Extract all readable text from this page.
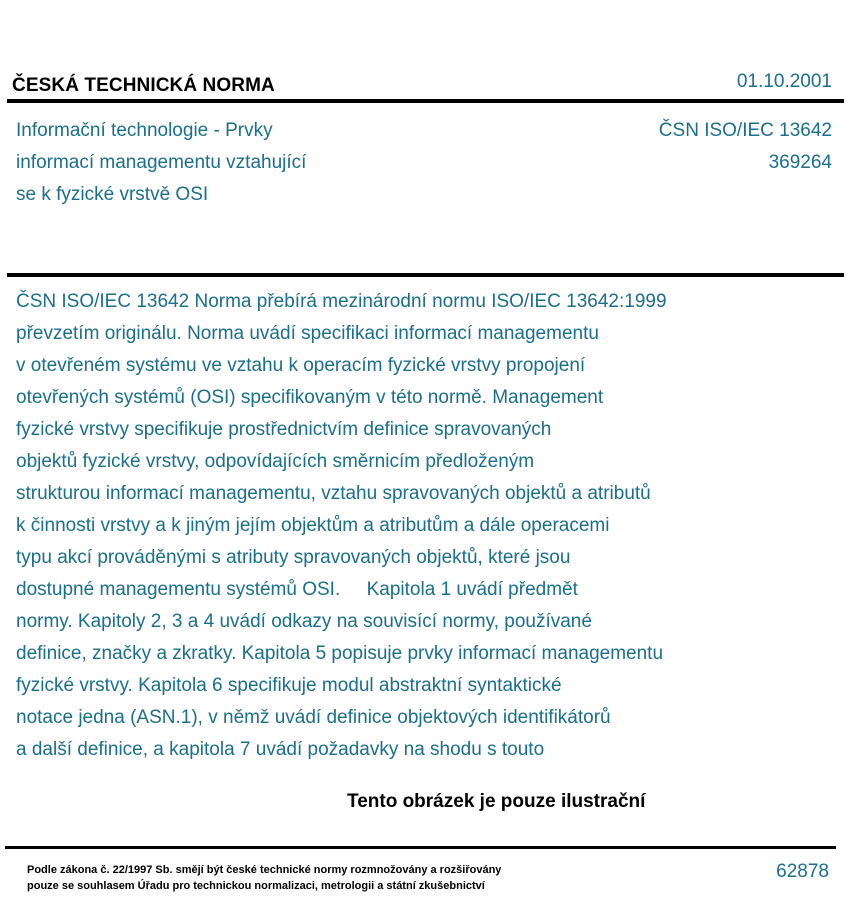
ČESKÁ TECHNICKÁ NORMA	01.10.2001
Informační technologie - Prvky
informací managementu vztahující
se k fyzické vrstvě OSI
ČSN ISO/IEC 13642
369264
ČSN ISO/IEC 13642 Norma přebírá mezinárodní normu ISO/IEC 13642:1999
převzetím originálu. Norma uvádí specifikaci informací managementu
v otevřeném systému ve vztahu k operacím fyzické vrstvy propojení
otevřených systémů (OSI) specifikovaným v této normě. Management
fyzické vrstvy specifikuje prostřednictvím definice spravovaných
objektů fyzické vrstvy, odpovídajících směrnicím předloženým
strukturou informací managementu, vztahu spravovaných objektů a atributů
k činnosti vrstvy a k jiným jejím objektům a atributům a dále operacemi
typu akcí prováděnými s atributy spravovaných objektů, které jsou
dostupné managementu systémů OSI.     Kapitola 1 uvádí předmět
normy. Kapitoly 2, 3 a 4 uvádí odkazy na souvisící normy, používané
definice, značky a zkratky. Kapitola 5 popisuje prvky informací managementu
fyzické vrstvy. Kapitola 6 specifikuje modul abstraktní syntaktické
notace jedna (ASN.1), v němž uvádí definice objektových identifikátorů
a další definice, a kapitola 7 uvádí požadavky na shodu s touto
Tento obrázek je pouze ilustrační
Podle zákona č. 22/1997 Sb. smějí být české technické normy rozmnožovány a rozšiřovány
pouze se souhlasem Úřadu pro technickou normalizaci, metrologii a státní zkušebnictví
62878
